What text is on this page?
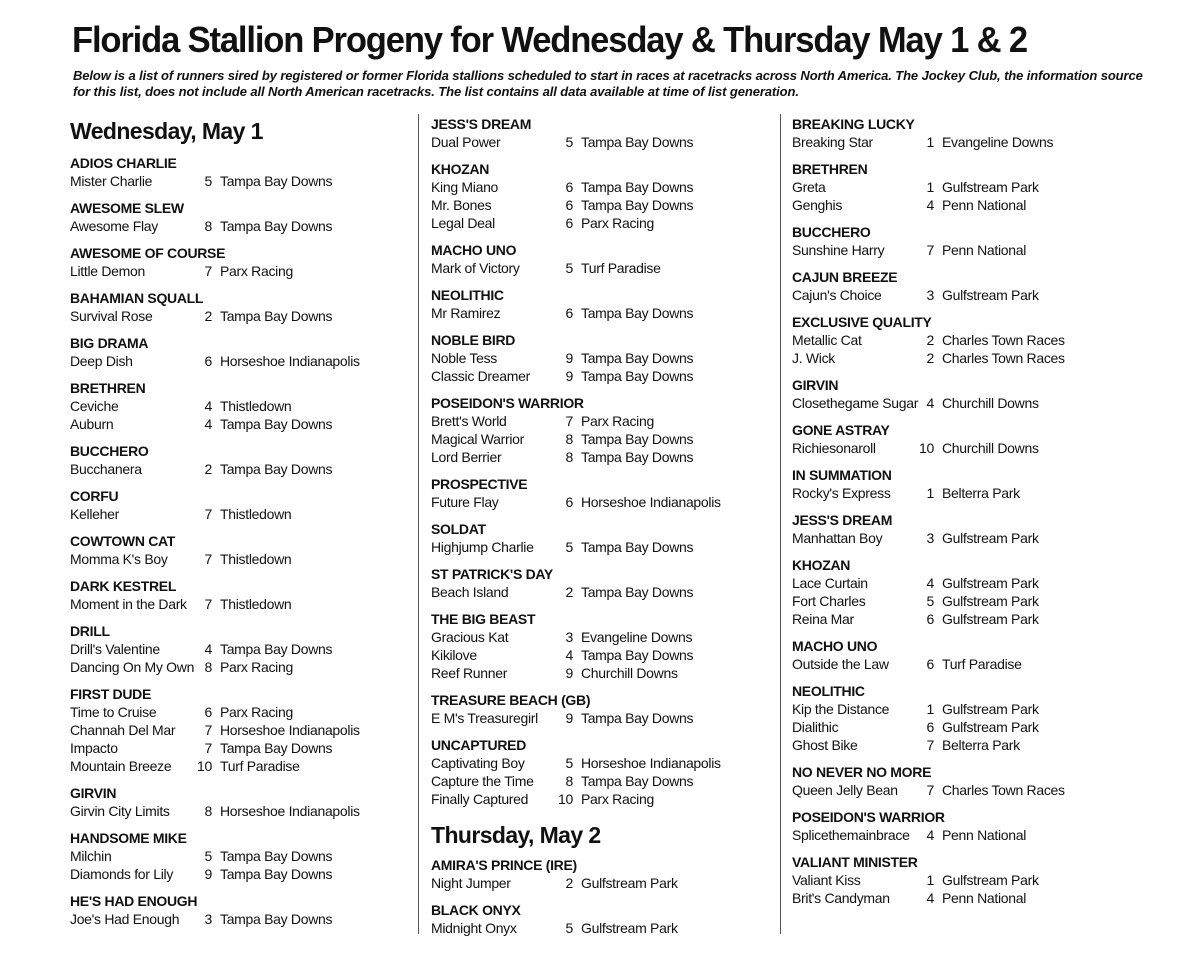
Florida Stallion Progeny for Wednesday & Thursday May 1 & 2
Below is a list of runners sired by registered or former Florida stallions scheduled to start in races at racetracks across North America. The Jockey Club, the information source for this list, does not include all North American racetracks. The list contains all data available at time of list generation.
Wednesday, May 1
ADIOS CHARLIE
Mister Charlie	5 Tampa Bay Downs
AWESOME SLEW
Awesome Flay	8 Tampa Bay Downs
AWESOME OF COURSE
Little Demon	7 Parx Racing
BAHAMIAN SQUALL
Survival Rose	2 Tampa Bay Downs
BIG DRAMA
Deep Dish	6 Horseshoe Indianapolis
BRETHREN
Ceviche	4 Thistledown
Auburn	4 Tampa Bay Downs
BUCCHERO
Bucchanera	2 Tampa Bay Downs
CORFU
Kelleher	7 Thistledown
COWTOWN CAT
Momma K's Boy	7 Thistledown
DARK KESTREL
Moment in the Dark	7 Thistledown
DRILL
Drill's Valentine	4 Tampa Bay Downs
Dancing On My Own 8 Parx Racing
FIRST DUDE
Time to Cruise	6 Parx Racing
Channah Del Mar	7 Horseshoe Indianapolis
Impacto	7 Tampa Bay Downs
Mountain Breeze	10 Turf Paradise
GIRVIN
Girvin City Limits	8 Horseshoe Indianapolis
HANDSOME MIKE
Milchin	5 Tampa Bay Downs
Diamonds for Lily	9 Tampa Bay Downs
HE'S HAD ENOUGH
Joe's Had Enough	3 Tampa Bay Downs
JESS'S DREAM
Dual Power	5 Tampa Bay Downs
KHOZAN
King Miano	6 Tampa Bay Downs
Mr. Bones	6 Tampa Bay Downs
Legal Deal	6 Parx Racing
MACHO UNO
Mark of Victory	5 Turf Paradise
NEOLITHIC
Mr Ramirez	6 Tampa Bay Downs
NOBLE BIRD
Noble Tess	9 Tampa Bay Downs
Classic Dreamer	9 Tampa Bay Downs
POSEIDON'S WARRIOR
Brett's World	7 Parx Racing
Magical Warrior	8 Tampa Bay Downs
Lord Berrier	8 Tampa Bay Downs
PROSPECTIVE
Future Flay	6 Horseshoe Indianapolis
SOLDAT
Highjump Charlie	5 Tampa Bay Downs
ST PATRICK'S DAY
Beach Island	2 Tampa Bay Downs
THE BIG BEAST
Gracious Kat	3 Evangeline Downs
Kikilove	4 Tampa Bay Downs
Reef Runner	9 Churchill Downs
TREASURE BEACH (GB)
E M's Treasuregirl	9 Tampa Bay Downs
UNCAPTURED
Captivating Boy	5 Horseshoe Indianapolis
Capture the Time	8 Tampa Bay Downs
Finally Captured	10 Parx Racing
Thursday, May 2
AMIRA'S PRINCE (IRE)
Night Jumper	2 Gulfstream Park
BLACK ONYX
Midnight Onyx	5 Gulfstream Park
BREAKING LUCKY
Breaking Star	1 Evangeline Downs
BRETHREN
Greta	1 Gulfstream Park
Genghis	4 Penn National
BUCCHERO
Sunshine Harry	7 Penn National
CAJUN BREEZE
Cajun's Choice	3 Gulfstream Park
EXCLUSIVE QUALITY
Metallic Cat	2 Charles Town Races
J. Wick	2 Charles Town Races
GIRVIN
Closethegame Sugar 4 Churchill Downs
GONE ASTRAY
Richiesonaroll	10 Churchill Downs
IN SUMMATION
Rocky's Express	1 Belterra Park
JESS'S DREAM
Manhattan Boy	3 Gulfstream Park
KHOZAN
Lace Curtain	4 Gulfstream Park
Fort Charles	5 Gulfstream Park
Reina Mar	6 Gulfstream Park
MACHO UNO
Outside the Law	6 Turf Paradise
NEOLITHIC
Kip the Distance	1 Gulfstream Park
Dialithic	6 Gulfstream Park
Ghost Bike	7 Belterra Park
NO NEVER NO MORE
Queen Jelly Bean	7 Charles Town Races
POSEIDON'S WARRIOR
Splicethemainbrace	4 Penn National
VALIANT MINISTER
Valiant Kiss	1 Gulfstream Park
Brit's Candyman	4 Penn National
